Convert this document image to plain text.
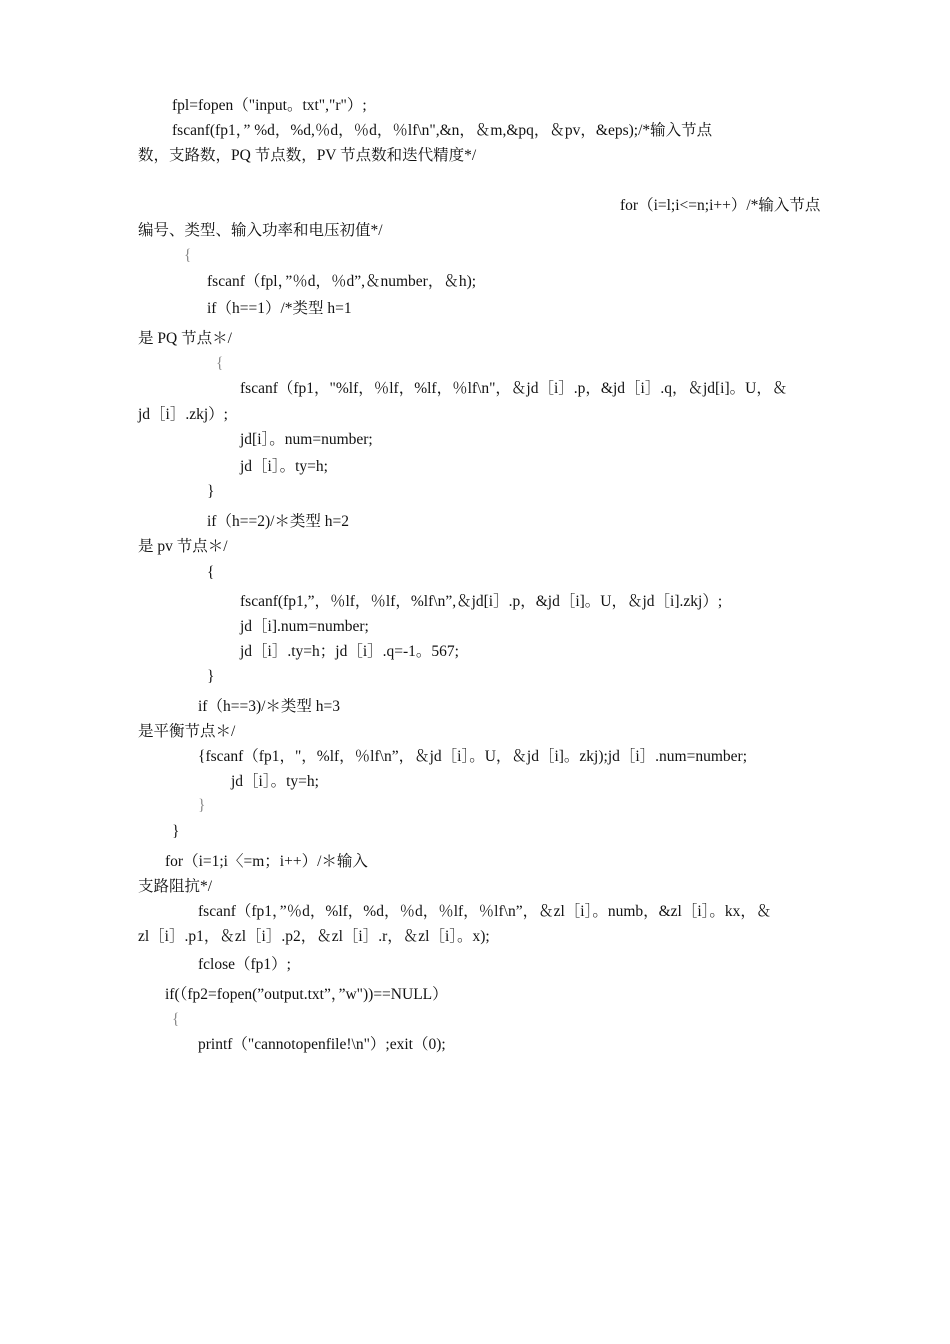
fpl=fopen（"input。txt","r"）;
fscanf(fp1，” %d，%d,％d，％d，％lf\n",&n，＆m,&pq，＆pv，&eps);/*输入节点
数，支路数，PQ 节点数，PV 节点数和迭代精度*/
for（i=l;i<=n;i++）/*输入节点
编号、类型、输入功率和电压初值*/
{
fscanf（fpl，”％d，％d”,＆number，＆h);
if（h==1）/*类型 h=1
是 PQ 节点＊/
{
fscanf（fp1，"%lf，％lf，%lf，％lf\n"，＆jd［i］.p，&jd［i］.q，＆jd[i]。U，＆
jd［i］.zkj）;
jd[i］。num=number;
jd［i］。ty=h;
}
if（h==2)/＊类型 h=2
是 pv 节点＊/
{
fscanf(fp1,”，％lf，％lf，%lf\n”,＆jd[i］.p，&jd［i]。U，＆jd［i].zkj）;
jd［i].num=number;
jd［i］.ty=h；jd［i］.q=-1。567;
}
if（h==3)/＊类型 h=3
是平衡节点＊/
{fscanf（fp1，"，%lf，％lf\n”，＆jd［i］。U，＆jd［i]。zkj);jd［i］.num=number;
jd［i］。ty=h;
}
}
for（i=1;i〈=m；i++）/＊输入
支路阻抗*/
fscanf（fp1，”％d，%lf，%d，％d，％lf，％lf\n”，＆zl［i］。numb，&zl［i］。kx，＆
zl［i］.p1，＆zl［i］.p2，＆zl［i］.r，＆zl［i］。x);
fclose（fp1）;
if(（fp2=fopen(”output.txt”，”w"))==NULL）
{
printf（"cannotopenfile!\n"）;exit（0);
